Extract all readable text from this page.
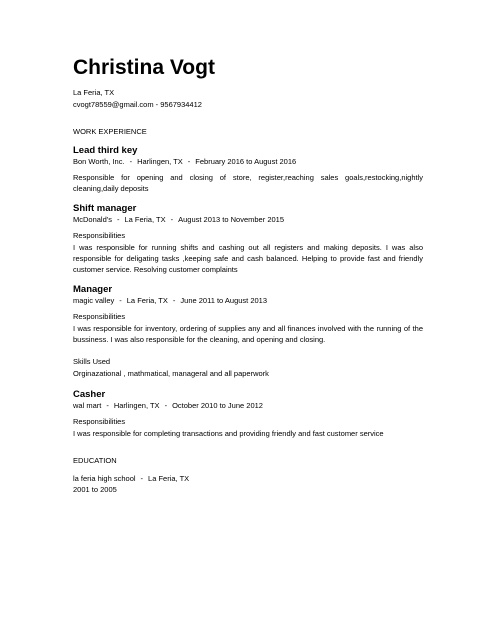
Christina Vogt
La Feria, TX
cvogt78559@gmail.com - 9567934412
WORK EXPERIENCE
Lead third key
Bon Worth, Inc. - Harlingen, TX - February 2016 to August 2016
Responsible for opening and closing of store, register,reaching sales goals,restocking,nightly cleaning,daily deposits
Shift manager
McDonald's - La Feria, TX - August 2013 to November 2015
Responsibilities
I was responsible for running shifts and cashing out all registers and making deposits. I was also responsible for deligating tasks ,keeping safe and cash balanced. Helping to provide fast and friendly customer service. Resolving customer complaints
Manager
magic valley - La Feria, TX - June 2011 to August 2013
Responsibilities
I was responsible for inventory, ordering of supplies any and all finances involved with the running of the bussiness. I was also responsible for the cleaning, and opening and closing.
Skills Used
Orginazational , mathmatical, manageral and all paperwork
Casher
wal mart - Harlingen, TX - October 2010 to June 2012
Responsibilities
I was responsible for completing transactions and providing friendly and fast customer service
EDUCATION
la feria high school - La Feria, TX
2001 to 2005
